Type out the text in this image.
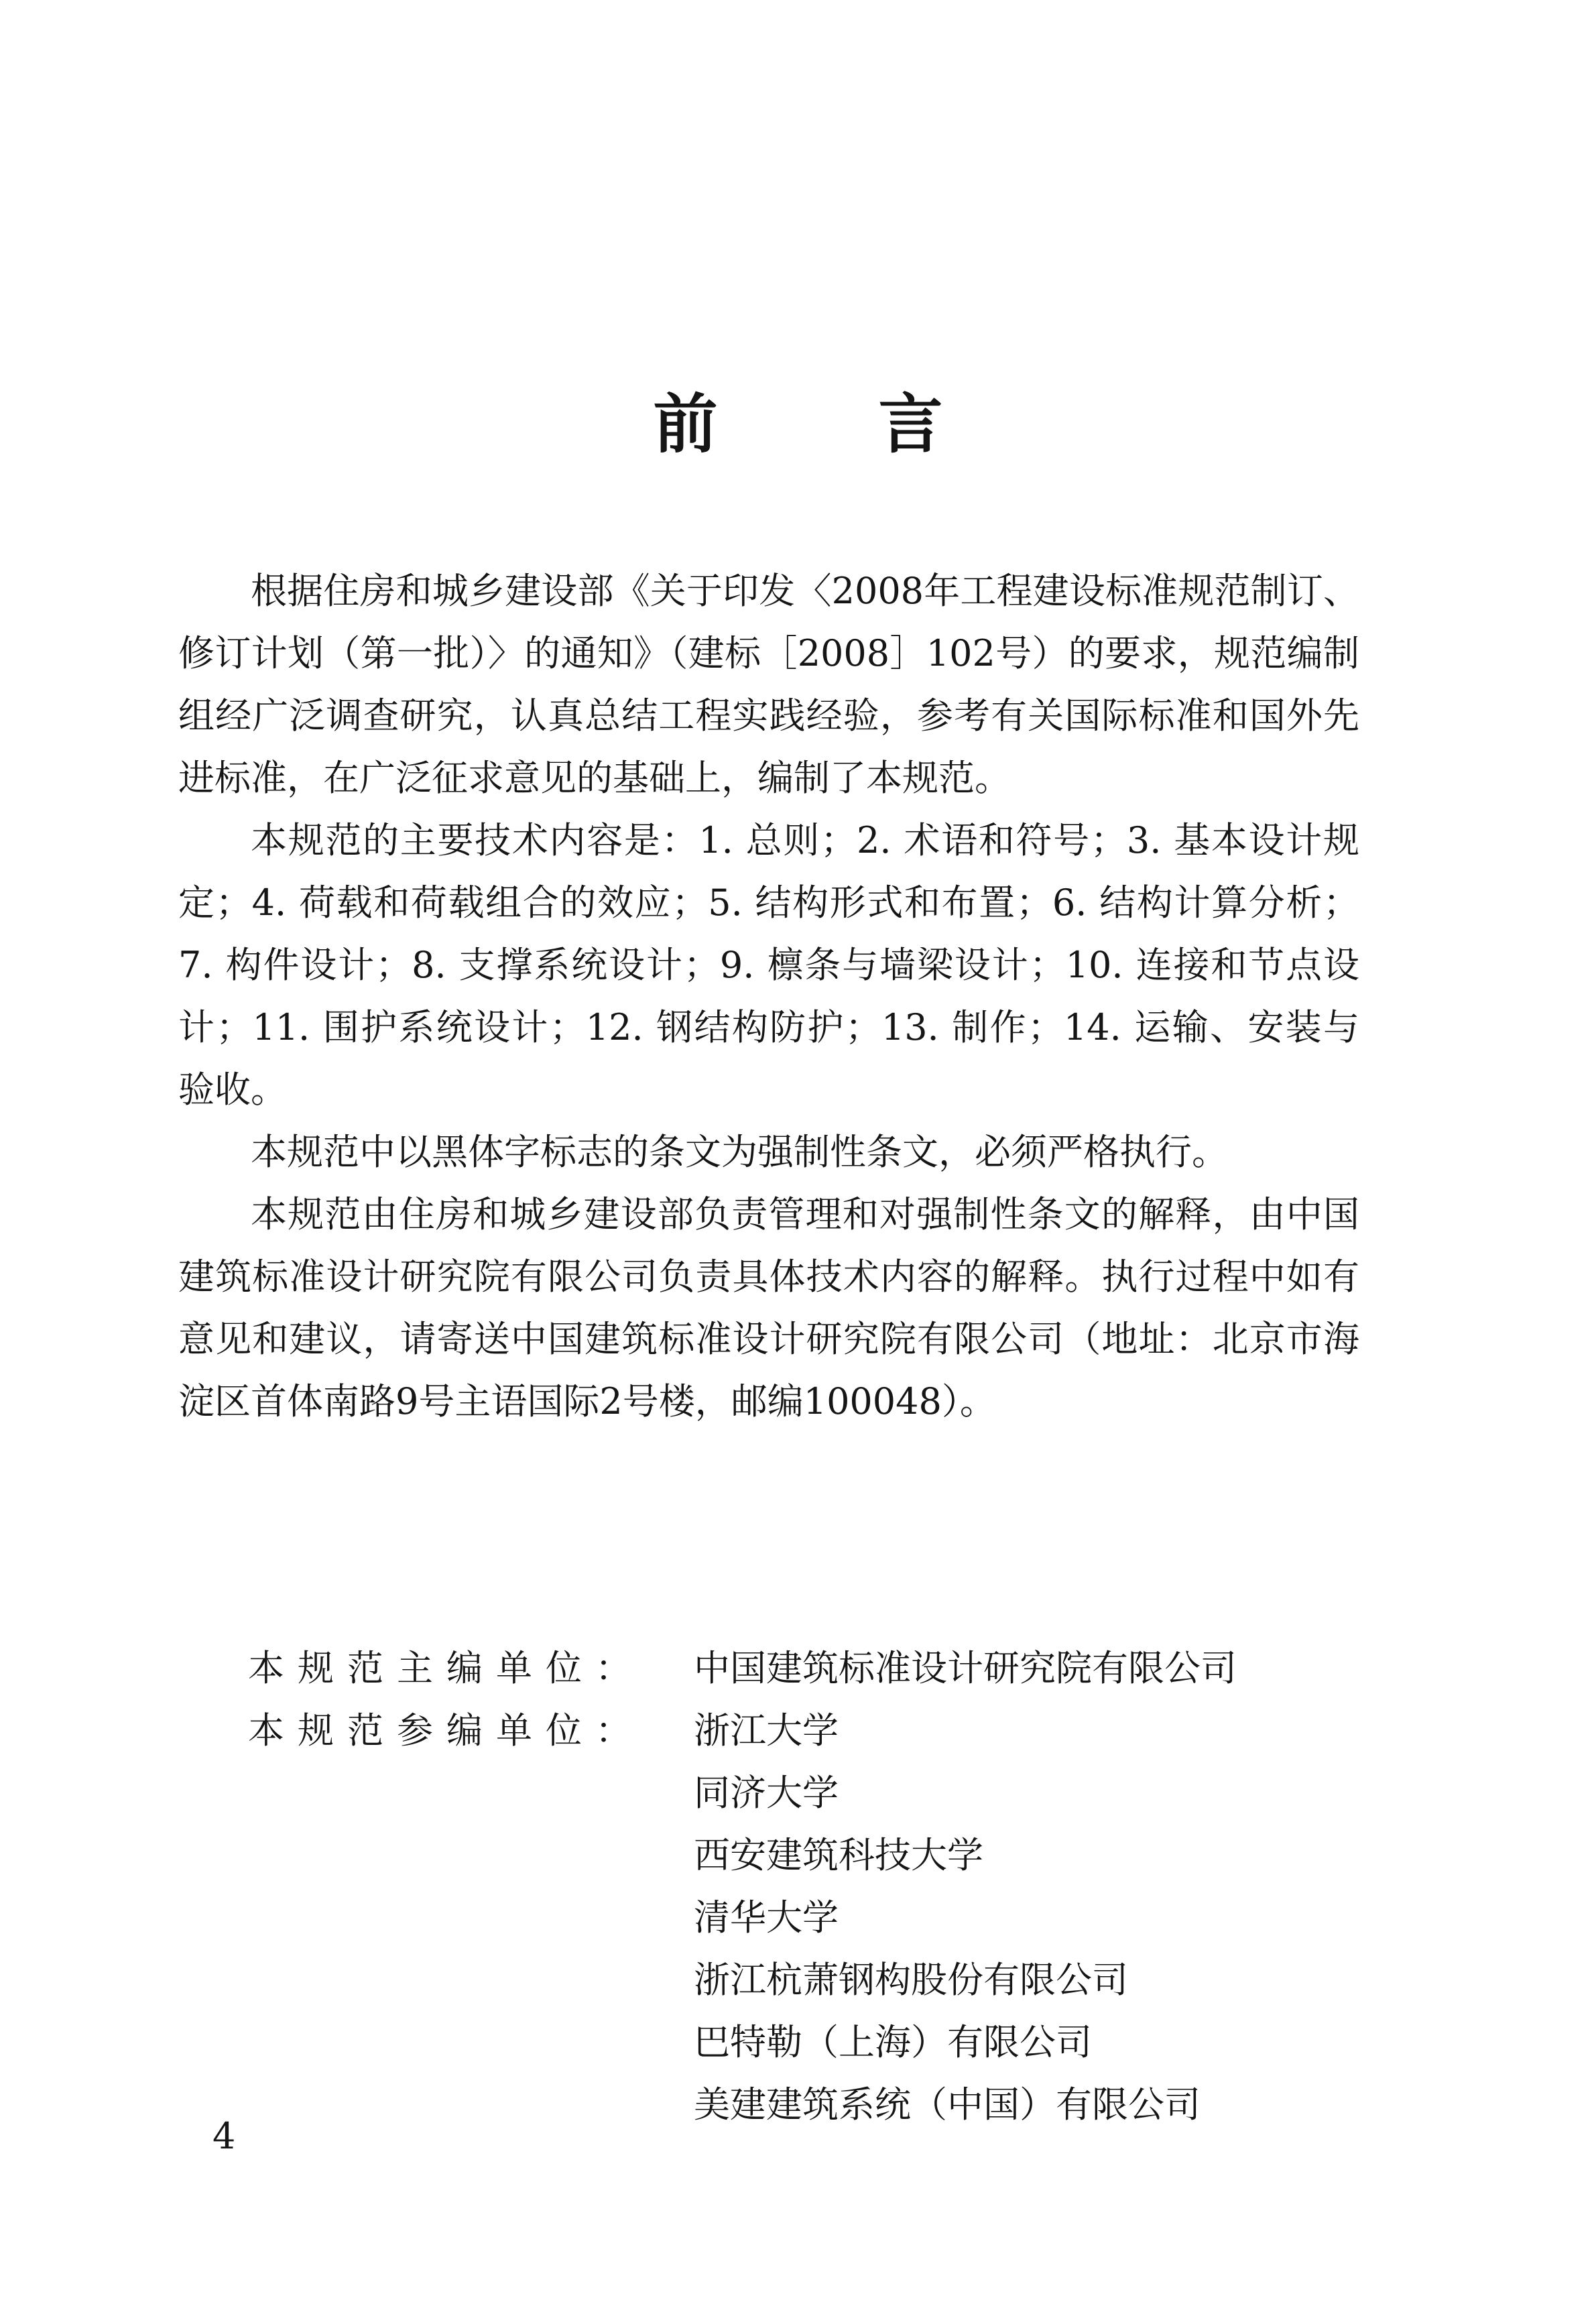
前言

根据住房和城乡建设部《关于印发〈2008年工程建设标准规范制订、修订计划（第一批）〉的通知》（建标［2008］102号）的要求，规范编制组经广泛调查研究，认真总结工程实践经验，参考有关国际标准和国外先进标准，在广泛征求意见的基础上，编制了本规范。

本规范的主要技术内容是：1. 总则；2. 术语和符号；3. 基本设计规定；4. 荷载和荷载组合的效应；5. 结构形式和布置；6. 结构计算分析；7. 构件设计；8. 支撑系统设计；9. 檩条与墙梁设计；10. 连接和节点设计；11. 围护系统设计；12. 钢结构防护；13. 制作；14. 运输、安装与验收。

本规范中以黑体字标志的条文为强制性条文，必须严格执行。

本规范由住房和城乡建设部负责管理和对强制性条文的解释，由中国建筑标准设计研究院有限公司负责具体技术内容的解释。执行过程中如有意见和建议，请寄送中国建筑标准设计研究院有限公司（地址：北京市海淀区首体南路9号主语国际2号楼，邮编100048）。

本规范主编单位：	中国建筑标准设计研究院有限公司
本规范参编单位：	浙江大学
同济大学
西安建筑科技大学
清华大学
浙江杭萧钢构股份有限公司
巴特勒（上海）有限公司
美建建筑系统（中国）有限公司
4
